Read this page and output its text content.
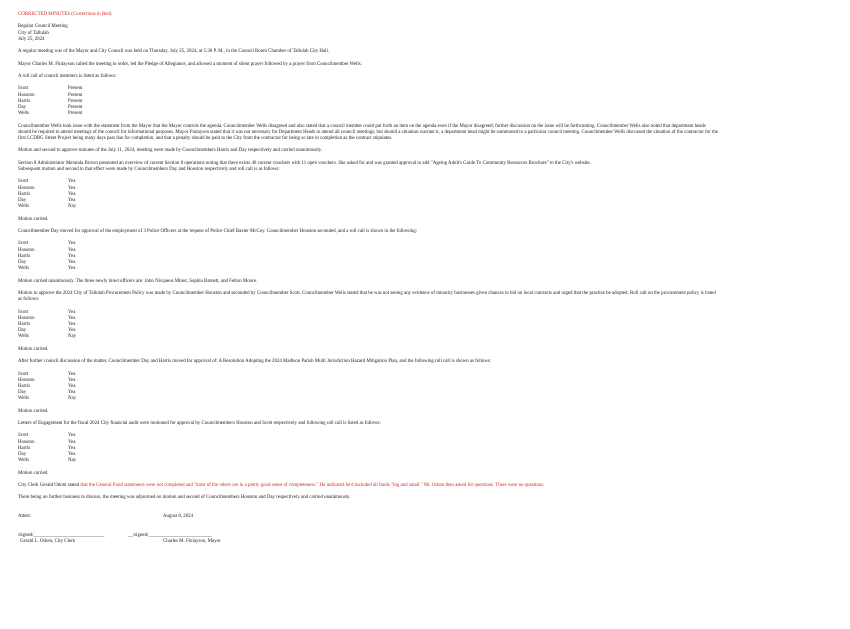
CORRECTED MINUTES (Corrections in Red)

Regular Council Meeting

City of Tallulah

July 25, 2024

A regular meeting was of the Mayor and City Council was held on Thursday, July 25, 2024, at 5:30 P. M., in the Council Room Chamber of Tallulah City Hall.

Mayor Charles M. Finlayson called the meeting to order, led the Pledge of Allegiance, and allowed a moment of silent prayer followed by a prayer from Councilmember Wells.

A roll call of council members is listed as follows:

Scott	Present
Houston	Present
Harris	Present
Day	Present
Wells	Present

Councilmember Wells took issue with the statement from the Mayor that the Mayor controls the agenda. Councilmember Wells disagreed and also stated that a council member could put forth an item on the agenda even if the Mayor disagreed; further discussion on the issue will be forthcoming. Councilmember Wells also noted that department heads

should be required to attend meetings of the council for informational purposes. Mayor Finlayson stated that it was not necessary for Department Heads to attend all council meetings, but should a situation warrant it, a department head might be summoned to a particular council meeting. Councilmember Wells discussed the situation of the contractor for the

first LCDBG Street Project being many days past due for completion, and that a penalty should be paid to the City from the contractor for being so late in completion as the contract stipulates.

Motion and second to approve minutes of the July 11, 2024, meeting were made by Councilmembers Harris and Day respectively and carried unanimously.

Section 8 Administrator Meranda Brown presented an overview of current Section 8 operations noting that there exists 46 current vouchers with 11 open vouchers. She asked for and was granted approval to add "Ageing Adult's Guide To Community Resources Brochure" to the City's website.

Subsequent motion and second to that effect were made by Councilmembers Day and Houston respectively and roll call is as follows:

Scott	Yea
Houston	Yea
Harris	Yea
Day	Yea
Wells	Nay

Motion carried.

Councilmember Day moved for approval of the employment of 3 Police Officers at the request of Police Chief Baxter McCoy. Councilmember Houston seconded, and a roll call is shown in the following:

Scott	Yea
Houston	Yea
Harris	Yea
Day	Yea
Wells	Yea

Motion carried unanimously. The three newly hired officers are: John Nicqueus Minor, Sophia Barnett, and Felton Moore.

Motion to approve the 2024 City of Tallulah Procurement Policy was made by Councilmember Houston and seconded by Councilmember Scott. Councilmember Wells stated that he was not seeing any evidence of minority businesses given chances to bid on local contracts and urged that the practice be adopted. Roll call on the procurement policy is listed

as follows:

Scott	Yea
Houston	Yea
Harris	Yea
Day	Yea
Wells	Nay

Motion carried.

After further council discussion of the matter, Councilmember Day and Harris moved for approval of: A Resolution Adopting the 2024 Madison Parish Multi Jurisdiction Hazard Mitigation Plan, and the following roll call is shown as follows:

Scott	Yea
Houston	Yea
Harris	Yea
Day	Yea
Wells	Nay

Motion carried.

Letters of Engagement for the fiscal 2024 City financial audit were motioned for approval by Councilmembers Houston and Scott respectively and following roll call is listed as follows:

Scott	Yea
Houston	Yea
Harris	Yea
Day	Yea
Wells	Nay

Motion carried.

City Clerk Gerald Odom stated that the General Fund statements were not completed and "most of the others are in a pretty good sense of completeness." He indicated he'd included all funds "big and small." Mr. Odom then asked for questions. There were no questions.

There being no further business to discuss, the meeting was adjourned on motion and second of Councilmembers Houston and Day respectively and carried unanimously.

Attest:	August 8, 2024
/signed/_____________________________	__/signed/__________________________
Gerald L. Odom, City Clerk	Charles M. Finlayson, Mayor
